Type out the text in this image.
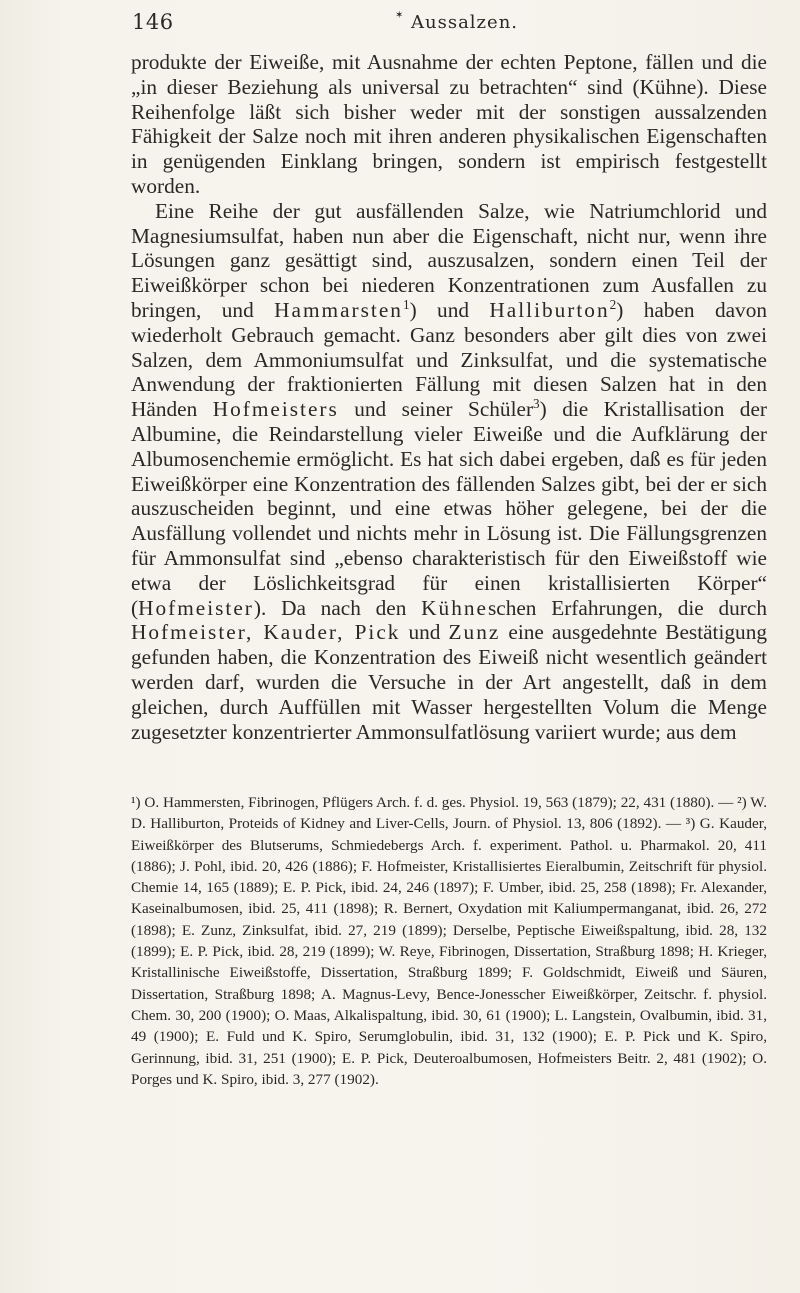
146	✶ Aussalzen.

produkte der Eiweiße, mit Ausnahme der echten Peptone, fällen und die „in dieser Beziehung als universal zu betrachten“ sind (Kühne). Diese Reihenfolge läßt sich bisher weder mit der sonstigen aussalzenden Fähigkeit der Salze noch mit ihren anderen physikalischen Eigenschaften in genügenden Einklang bringen, sondern ist empirisch festgestellt worden.

Eine Reihe der gut ausfällenden Salze, wie Natriumchlorid und Magnesiumsulfat, haben nun aber die Eigenschaft, nicht nur, wenn ihre Lösungen ganz gesättigt sind, auszusalzen, sondern einen Teil der Eiweißkörper schon bei niederen Konzentrationen zum Ausfallen zu bringen, und Hammarsten$^1$) und Halliburton$^2$) haben davon wiederholt Gebrauch gemacht. Ganz besonders aber gilt dies von zwei Salzen, dem Ammoniumsulfat und Zinksulfat, und die systematische Anwendung der fraktionierten Fällung mit diesen Salzen hat in den Händen Hofmeisters und seiner Schüler$^3$) die Kristallisation der Albumine, die Reindarstellung vieler Eiweiße und die Aufklärung der Albumosenchemie ermöglicht. Es hat sich dabei ergeben, daß es für jeden Eiweißkörper eine Konzentration des fällenden Salzes gibt, bei der er sich auszuscheiden beginnt, und eine etwas höher gelegene, bei der die Ausfällung vollendet und nichts mehr in Lösung ist. Die Fällungsgrenzen für Ammonsulfat sind „ebenso charakteristisch für den Eiweißstoff wie etwa der Löslichkeitsgrad für einen kristallisierten Körper“ (Hofmeister). Da nach den Kühneschen Erfahrungen, die durch Hofmeister, Kauder, Pick und Zunz eine ausgedehnte Bestätigung gefunden haben, die Konzentration des Eiweiß nicht wesentlich geändert werden darf, wurden die Versuche in der Art angestellt, daß in dem gleichen, durch Auffüllen mit Wasser hergestellten Volum die Menge zugesetzter konzentrierter Ammonsulfatlösung variiert wurde; aus dem

¹) O. Hammersten, Fibrinogen, Pflügers Arch. f. d. ges. Physiol. 19, 563 (1879); 22, 431 (1880). — ²) W. D. Halliburton, Proteids of Kidney and Liver-Cells, Journ. of Physiol. 13, 806 (1892). — ³) G. Kauder, Eiweißkörper des Blutserums, Schmiedebergs Arch. f. experiment. Pathol. u. Pharmakol. 20, 411 (1886); J. Pohl, ibid. 20, 426 (1886); F. Hofmeister, Kristallisiertes Eieralbumin, Zeitschrift für physiol. Chemie 14, 165 (1889); E. P. Pick, ibid. 24, 246 (1897); F. Umber, ibid. 25, 258 (1898); Fr. Alexander, Kaseinalbumosen, ibid. 25, 411 (1898); R. Bernert, Oxydation mit Kaliumpermanganat, ibid. 26, 272 (1898); E. Zunz, Zinksulfat, ibid. 27, 219 (1899); Derselbe, Peptische Eiweißspaltung, ibid. 28, 132 (1899); E. P. Pick, ibid. 28, 219 (1899); W. Reye, Fibrinogen, Dissertation, Straßburg 1898; H. Krieger, Kristallinische Eiweißstoffe, Dissertation, Straßburg 1899; F. Goldschmidt, Eiweiß und Säuren, Dissertation, Straßburg 1898; A. Magnus-Levy, Bence-Jonesscher Eiweißkörper, Zeitschr. f. physiol. Chem. 30, 200 (1900); O. Maas, Alkalispaltung, ibid. 30, 61 (1900); L. Langstein, Ovalbumin, ibid. 31, 49 (1900); E. Fuld und K. Spiro, Serumglobulin, ibid. 31, 132 (1900); E. P. Pick und K. Spiro, Gerinnung, ibid. 31, 251 (1900); E. P. Pick, Deuteroalbumosen, Hofmeisters Beitr. 2, 481 (1902); O. Porges und K. Spiro, ibid. 3, 277 (1902).
